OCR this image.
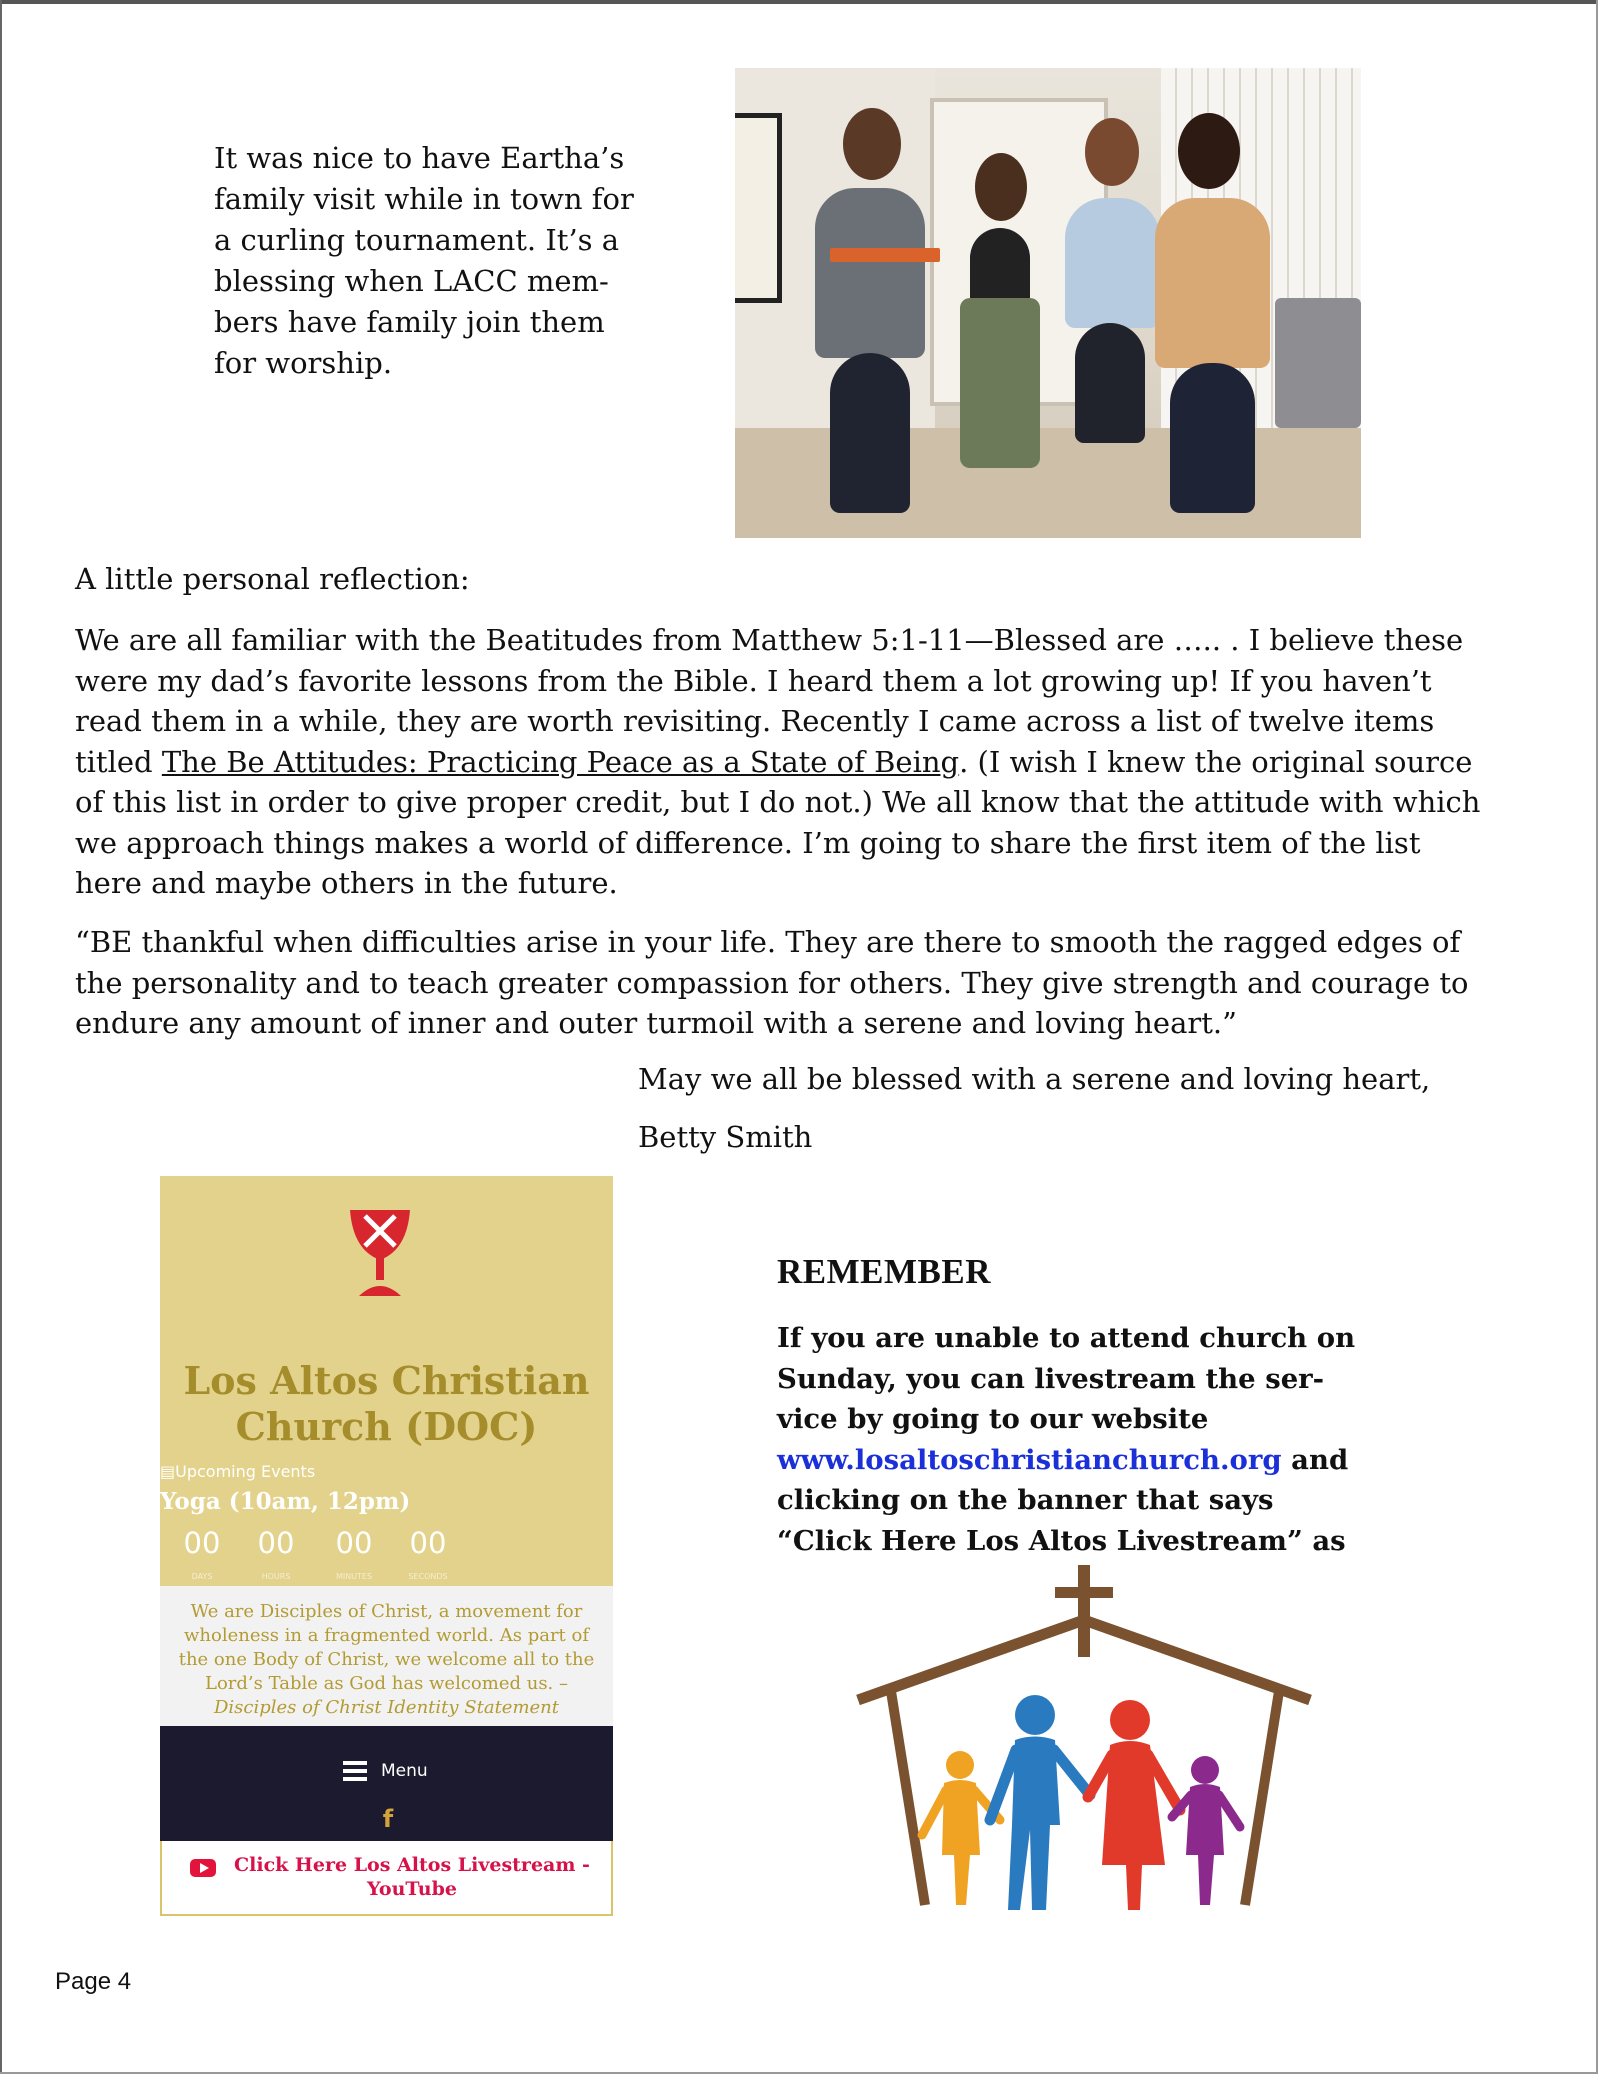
It was nice to have Eartha’s family visit while in town for a curling tournament. It’s a blessing when LACC mem-bers have family join them for worship.

A little personal reflection:

We are all familiar with the Beatitudes from Matthew 5:1-11—Blessed are ….. . I believe these were my dad’s favorite lessons from the Bible. I heard them a lot growing up! If you haven’t read them in a while, they are worth revisiting. Recently I came across a list of twelve items titled The Be Attitudes: Practicing Peace as a State of Being. (I wish I knew the original source of this list in order to give proper credit, but I do not.) We all know that the attitude with which we approach things makes a world of difference. I’m going to share the first item of the list here and maybe others in the future.

“BE thankful when difficulties arise in your life. They are there to smooth the ragged edges of the personality and to teach greater compassion for others. They give strength and courage to endure any amount of inner and outer turmoil with a serene and loving heart.”

May we all be blessed with a serene and loving heart,

Betty Smith

Los Altos Christian Church (DOC)

▤Upcoming Events
Yoga (10am, 12pm)
00	00	00	00
DAYS	HOURS	MINUTES	SECONDS

We are Disciples of Christ, a movement for wholeness in a fragmented world. As part of the one Body of Christ, we welcome all to the Lord’s Table as God has welcomed us. –
Disciples of Christ Identity Statement

Menu
f

Click Here Los Altos Livestream - YouTube

REMEMBER

If you are unable to attend church on Sunday, you can livestream the ser-vice by going to our website www.losaltoschristianchurch.org and clicking on the banner that says “Click Here Los Altos Livestream” as

Page 4
